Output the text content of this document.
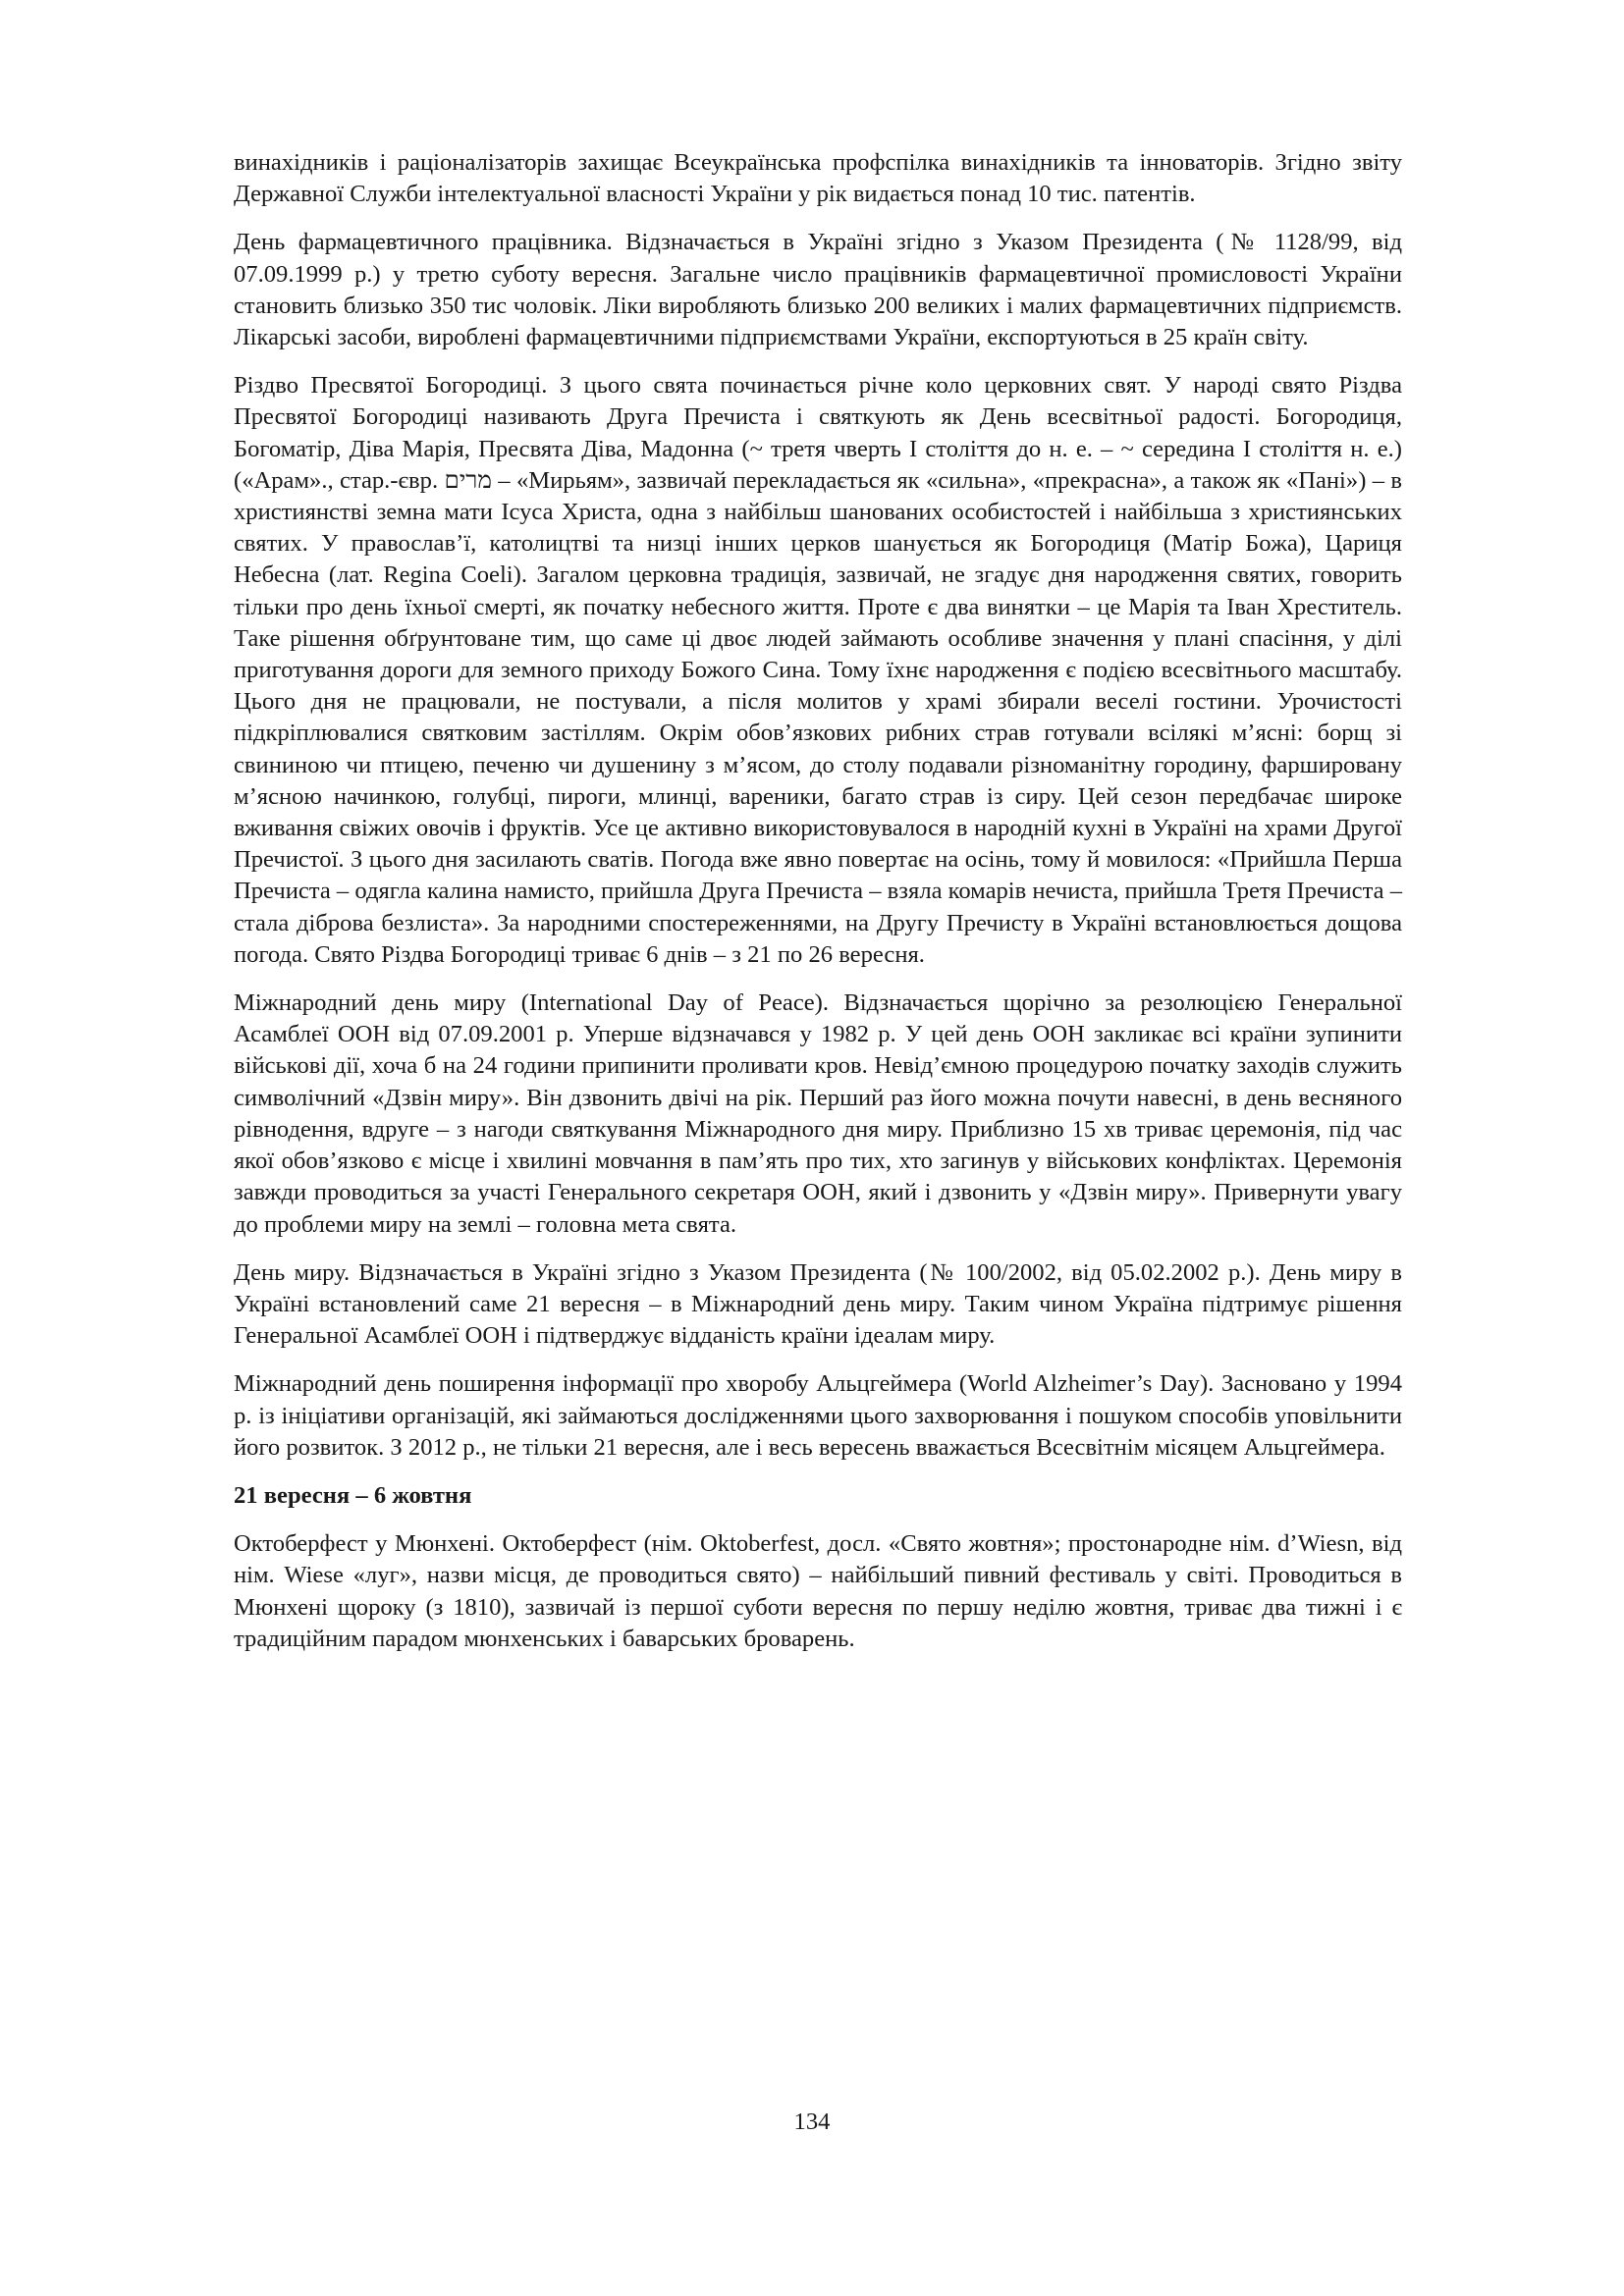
винахідників і раціоналізаторів захищає Всеукраїнська профспілка винахідників та інноваторів. Згідно звіту Державної Служби інтелектуальної власності України у рік видається понад 10 тис. патентів.

День фармацевтичного працівника. Відзначається в Україні згідно з Указом Президента (№ 1128/99, від 07.09.1999 р.) у третю суботу вересня. Загальне число працівників фармацевтичної промисловості України становить близько 350 тис чоловік. Ліки виробляють близько 200 великих і малих фармацевтичних підприємств. Лікарські засоби, вироблені фармацевтичними підприємствами України, експортуються в 25 країн світу.

Різдво Пресвятої Богородиці. З цього свята починається річне коло церковних свят. У народі свято Різдва Пресвятої Богородиці називають Друга Пречиста і святкують як День всесвітньої радості. Богородиця, Богоматір, Діва Марія, Пресвята Діва, Мадонна (~ третя чверть І століття до н. е. – ~ середина І століття н. е.) («Арам»., стар.-євр. מרים – «Мирьям», зазвичай перекладається як «сильна», «прекрасна», а також як «Пані») – в християнстві земна мати Ісуса Христа, одна з найбільш шанованих особистостей і найбільша з християнських святих. У православ’ї, католицтві та низці інших церков шанується як Богородиця (Матір Божа), Цариця Небесна (лат. Regina Coeli). Загалом церковна традиція, зазвичай, не згадує дня народження святих, говорить тільки про день їхньої смерті, як початку небесного життя. Проте є два винятки – це Марія та Іван Хреститель. Таке рішення обґрунтоване тим, що саме ці двоє людей займають особливе значення у плані спасіння, у ділі приготування дороги для земного приходу Божого Сина. Тому їхнє народження є подією всесвітнього масштабу. Цього дня не працювали, не постували, а після молитов у храмі збирали веселі гостини. Урочистості підкріплювалися святковим застіллям. Окрім обов’язкових рибних страв готували всілякі м’ясні: борщ зі свининою чи птицею, печеню чи душенину з м’ясом, до столу подавали різноманітну городину, фаршировану м’ясною начинкою, голубці, пироги, млинці, вареники, багато страв із сиру. Цей сезон передбачає широке вживання свіжих овочів і фруктів. Усе це активно використовувалося в народній кухні в Україні на храми Другої Пречистої. З цього дня засилають сватів. Погода вже явно повертає на осінь, тому й мовилося: «Прийшла Перша Пречиста – одягла калина намисто, прийшла Друга Пречиста – взяла комарів нечиста, прийшла Третя Пречиста – стала діброва безлиста». За народними спостереженнями, на Другу Пречисту в Україні встановлюється дощова погода. Свято Різдва Богородиці триває 6 днів – з 21 по 26 вересня.

Міжнародний день миру (International Day of Peace). Відзначається щорічно за резолюцією Генеральної Асамблеї ООН від 07.09.2001 р. Уперше відзначався у 1982 р. У цей день ООН закликає всі країни зупинити військові дії, хоча б на 24 години припинити проливати кров. Невід’ємною процедурою початку заходів служить символічний «Дзвін миру». Він дзвонить двічі на рік. Перший раз його можна почути навесні, в день весняного рівнодення, вдруге – з нагоди святкування Міжнародного дня миру. Приблизно 15 хв триває церемонія, під час якої обов’язково є місце і хвилині мовчання в пам’ять про тих, хто загинув у військових конфліктах. Церемонія завжди проводиться за участі Генерального секретаря ООН, який і дзвонить у «Дзвін миру». Привернути увагу до проблеми миру на землі – головна мета свята.

День миру. Відзначається в Україні згідно з Указом Президента (№ 100/2002, від 05.02.2002 р.). День миру в Україні встановлений саме 21 вересня – в Міжнародний день миру. Таким чином Україна підтримує рішення Генеральної Асамблеї ООН і підтверджує відданість країни ідеалам миру.

Міжнародний день поширення інформації про хворобу Альцгеймера (World Alzheimer’s Day). Засновано у 1994 р. із ініціативи організацій, які займаються дослідженнями цього захворювання і пошуком способів уповільнити його розвиток. З 2012 р., не тільки 21 вересня, але і весь вересень вважається Всесвітнім місяцем Альцгеймера.

21 вересня – 6 жовтня

Октоберфест у Мюнхені. Октоберфест (нім. Oktoberfest, досл. «Свято жовтня»; простонародне нім. d’Wiesn, від нім. Wiese «луг», назви місця, де проводиться свято) – найбільший пивний фестиваль у світі. Проводиться в Мюнхені щороку (з 1810), зазвичай із першої суботи вересня по першу неділю жовтня, триває два тижні і є традиційним парадом мюнхенських і баварських броварень.

134
